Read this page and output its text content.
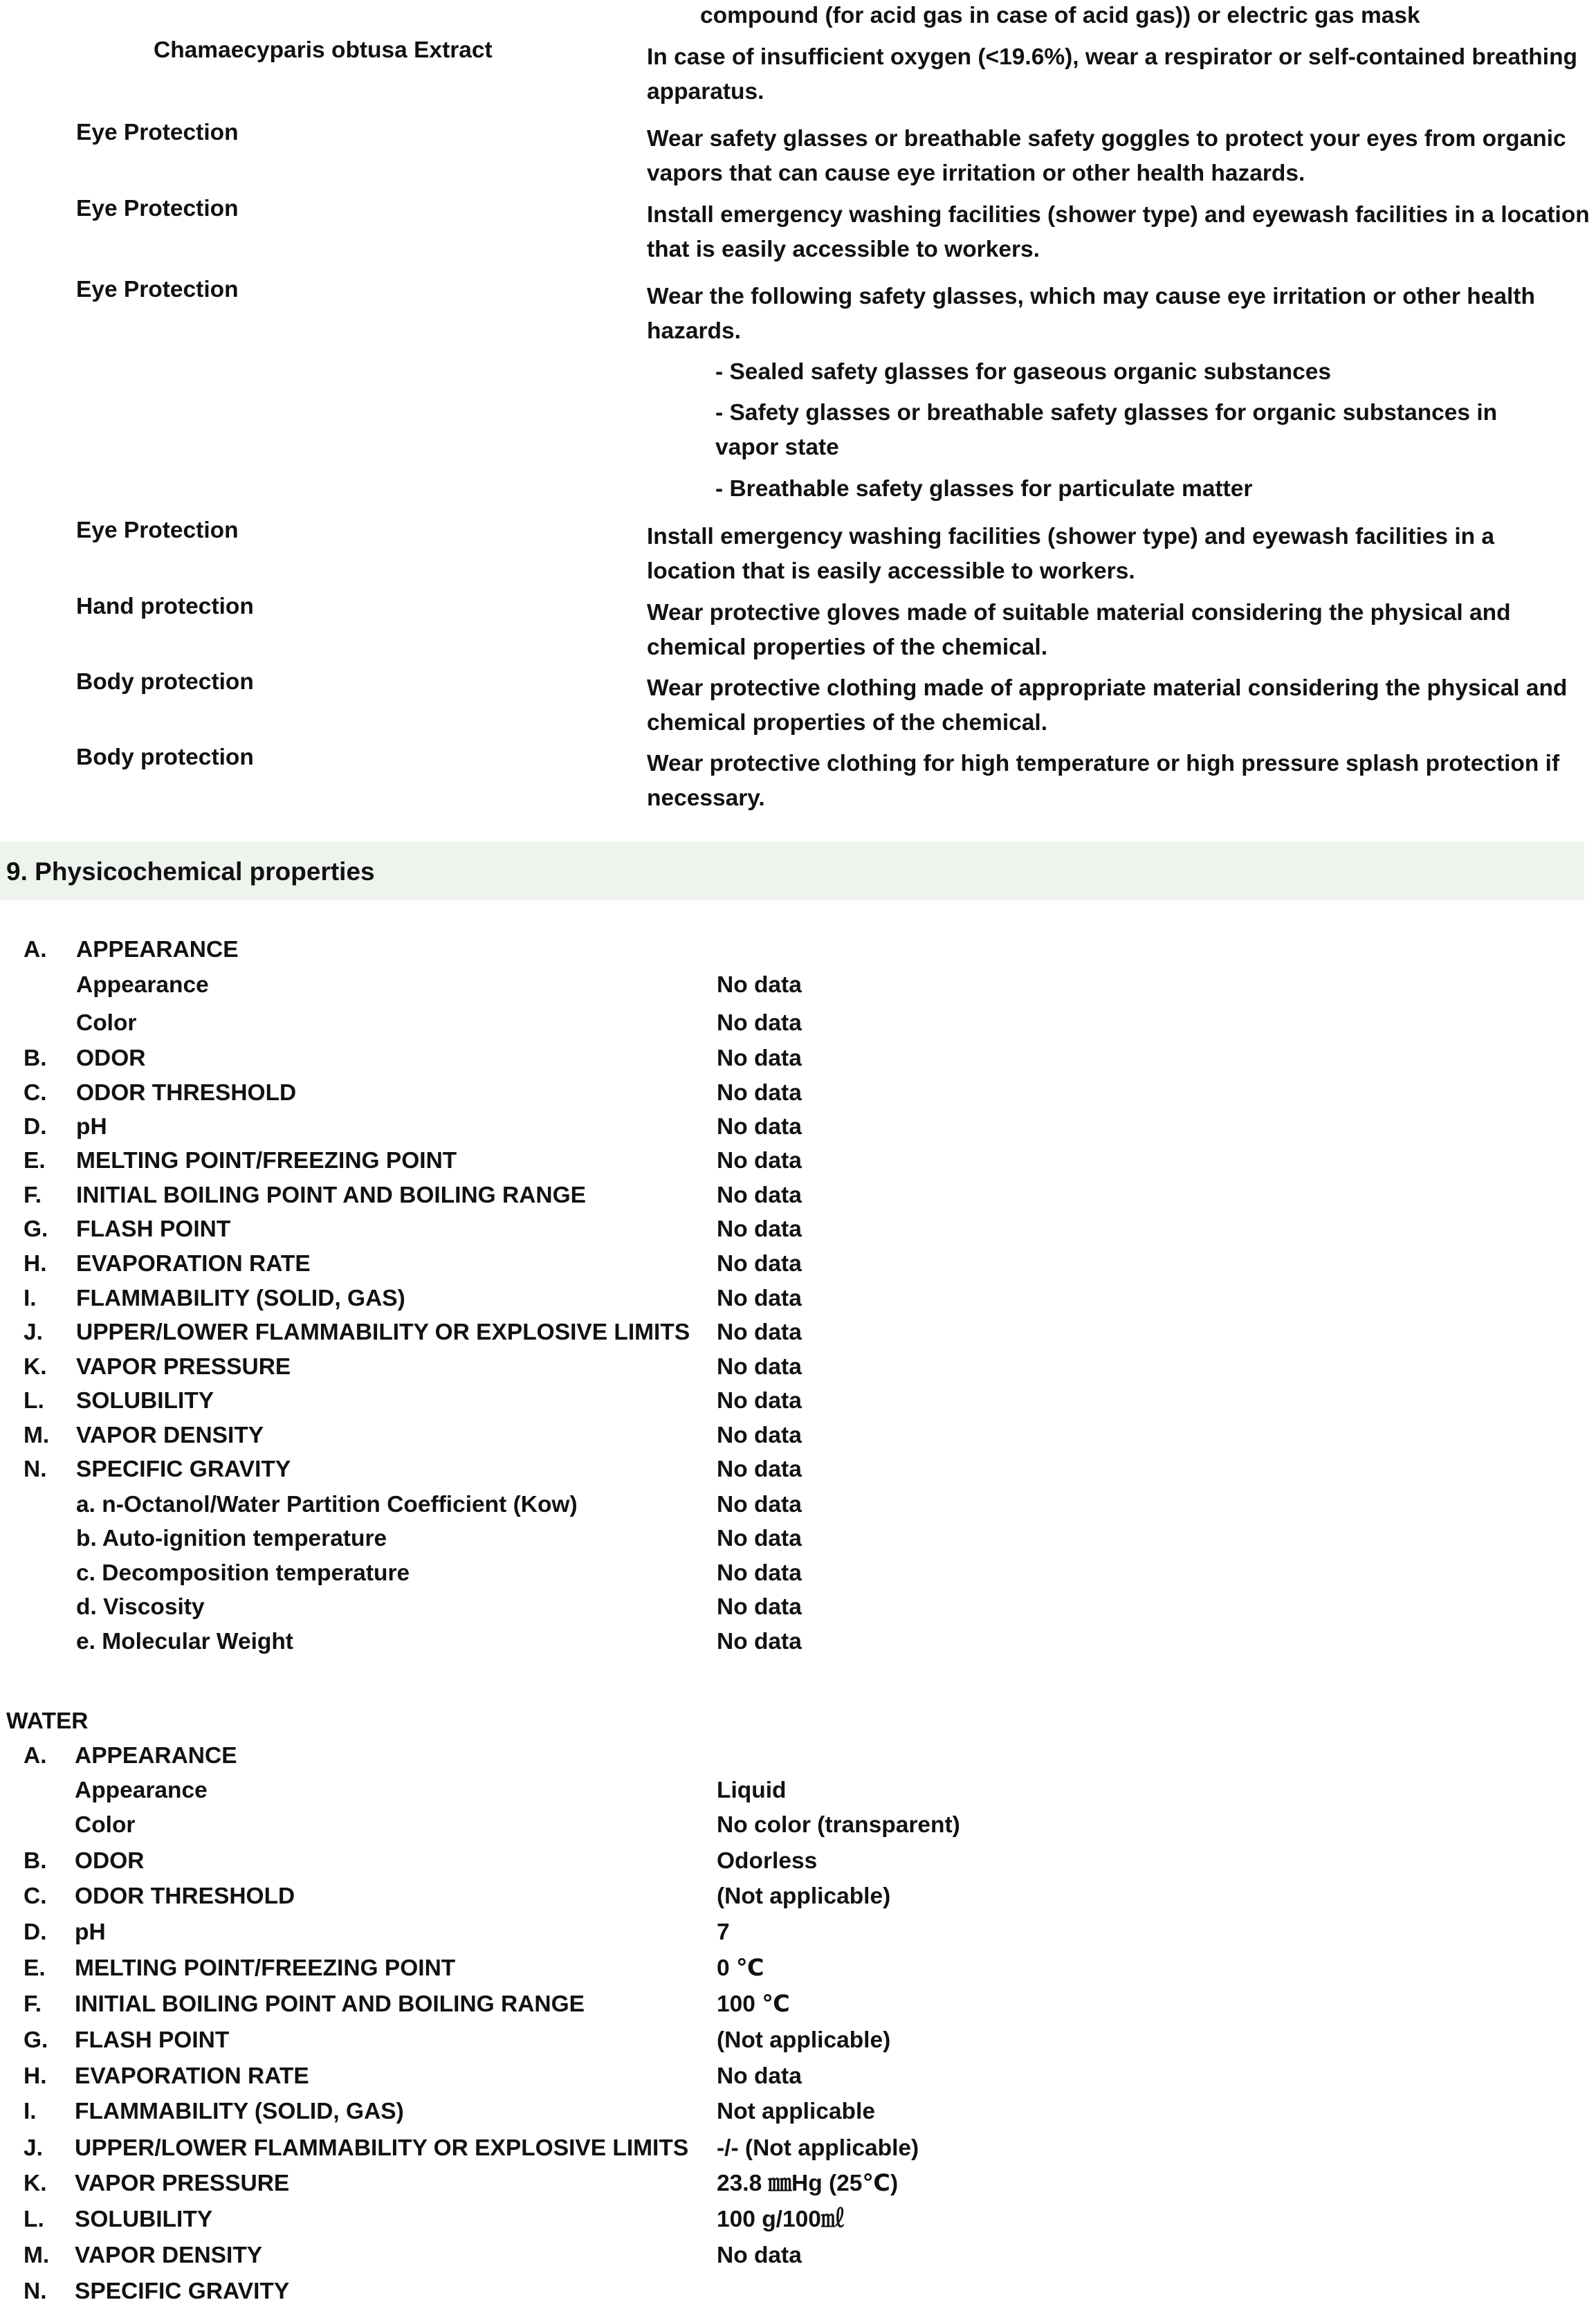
compound (for acid gas in case of acid gas)) or electric gas mask
Chamaecyparis obtusa Extract	In case of insufficient oxygen (<19.6%), wear a respirator or self-contained breathing apparatus.
Eye Protection	Wear safety glasses or breathable safety goggles to protect your eyes from organic vapors that can cause eye irritation or other health hazards.
Eye Protection	Install emergency washing facilities (shower type) and eyewash facilities in a location that is easily accessible to workers.
Eye Protection	Wear the following safety glasses, which may cause eye irritation or other health hazards.
- Sealed safety glasses for gaseous organic substances
- Safety glasses or breathable safety glasses for organic substances in vapor state
- Breathable safety glasses for particulate matter
Eye Protection	Install emergency washing facilities (shower type) and eyewash facilities in a location that is easily accessible to workers.
Hand protection	Wear protective gloves made of suitable material considering the physical and chemical properties of the chemical.
Body protection	Wear protective clothing made of appropriate material considering the physical and chemical properties of the chemical.
Body protection	Wear protective clothing for high temperature or high pressure splash protection if necessary.
9. Physicochemical properties
A. APPEARANCE
Appearance	No data
Color	No data
B. ODOR	No data
C. ODOR THRESHOLD	No data
D. pH	No data
E. MELTING POINT/FREEZING POINT	No data
F. INITIAL BOILING POINT AND BOILING RANGE	No data
G. FLASH POINT	No data
H. EVAPORATION RATE	No data
I. FLAMMABILITY (SOLID, GAS)	No data
J. UPPER/LOWER FLAMMABILITY OR EXPLOSIVE LIMITS No data
K. VAPOR PRESSURE	No data
L. SOLUBILITY	No data
M. VAPOR DENSITY	No data
N. SPECIFIC GRAVITY	No data
a. n-Octanol/Water Partition Coefficient (Kow)	No data
b. Auto-ignition temperature	No data
c. Decomposition temperature	No data
d. Viscosity	No data
e. Molecular Weight	No data
WATER
A. APPEARANCE
Appearance	Liquid
Color	No color (transparent)
B. ODOR	Odorless
C. ODOR THRESHOLD	(Not applicable)
D. pH	7
E. MELTING POINT/FREEZING POINT	0 ℃
F. INITIAL BOILING POINT AND BOILING RANGE	100 ℃
G. FLASH POINT	(Not applicable)
H. EVAPORATION RATE	No data
I. FLAMMABILITY (SOLID, GAS)	Not applicable
J. UPPER/LOWER FLAMMABILITY OR EXPLOSIVE LIMITS -/- (Not applicable)
K. VAPOR PRESSURE	23.8 ㎜Hg (25℃)
L. SOLUBILITY	100 g/100㎖
M. VAPOR DENSITY	No data
N. SPECIFIC GRAVITY
